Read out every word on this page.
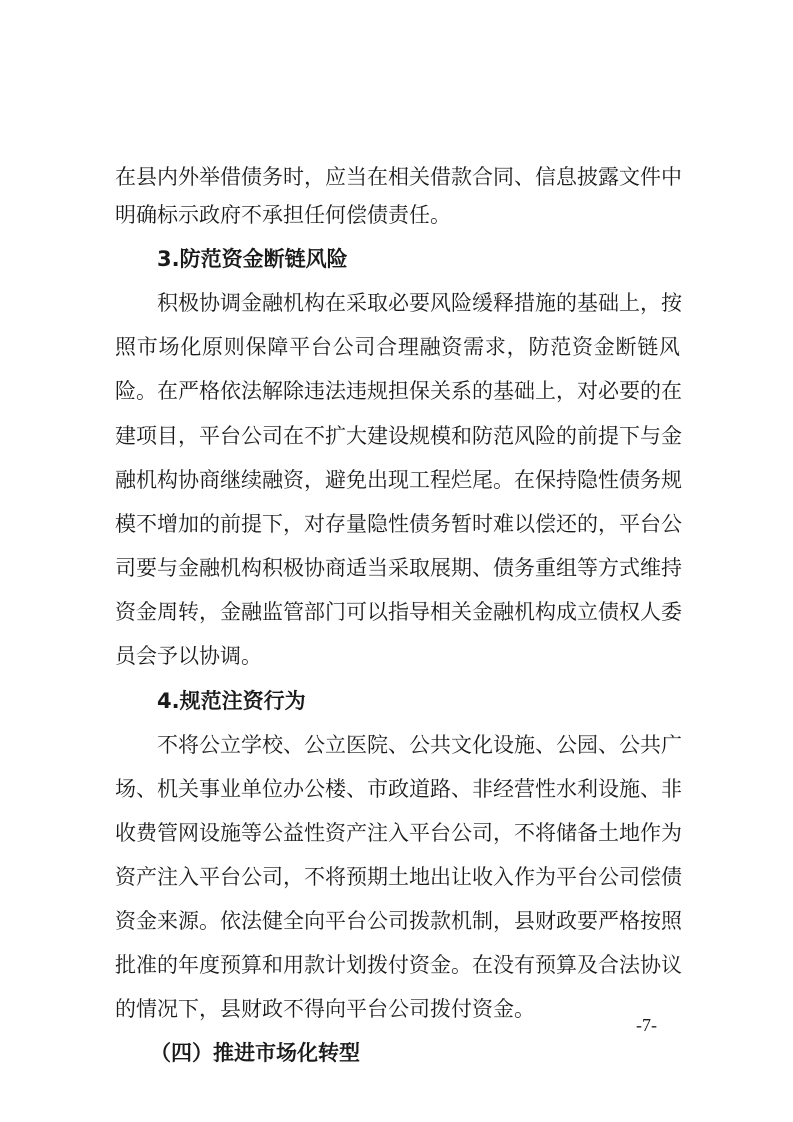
在县内外举借债务时，应当在相关借款合同、信息披露文件中
明确标示政府不承担任何偿债责任。
3.防范资金断链风险
积极协调金融机构在采取必要风险缓释措施的基础上，按
照市场化原则保障平台公司合理融资需求，防范资金断链风
险。在严格依法解除违法违规担保关系的基础上，对必要的在
建项目，平台公司在不扩大建设规模和防范风险的前提下与金
融机构协商继续融资，避免出现工程烂尾。在保持隐性债务规
模不增加的前提下，对存量隐性债务暂时难以偿还的，平台公
司要与金融机构积极协商适当采取展期、债务重组等方式维持
资金周转，金融监管部门可以指导相关金融机构成立债权人委
员会予以协调。
4.规范注资行为
不将公立学校、公立医院、公共文化设施、公园、公共广
场、机关事业单位办公楼、市政道路、非经营性水利设施、非
收费管网设施等公益性资产注入平台公司，不将储备土地作为
资产注入平台公司，不将预期土地出让收入作为平台公司偿债
资金来源。依法健全向平台公司拨款机制，县财政要严格按照
批准的年度预算和用款计划拨付资金。在没有预算及合法协议
的情况下，县财政不得向平台公司拨付资金。
（四）推进市场化转型
-7-
